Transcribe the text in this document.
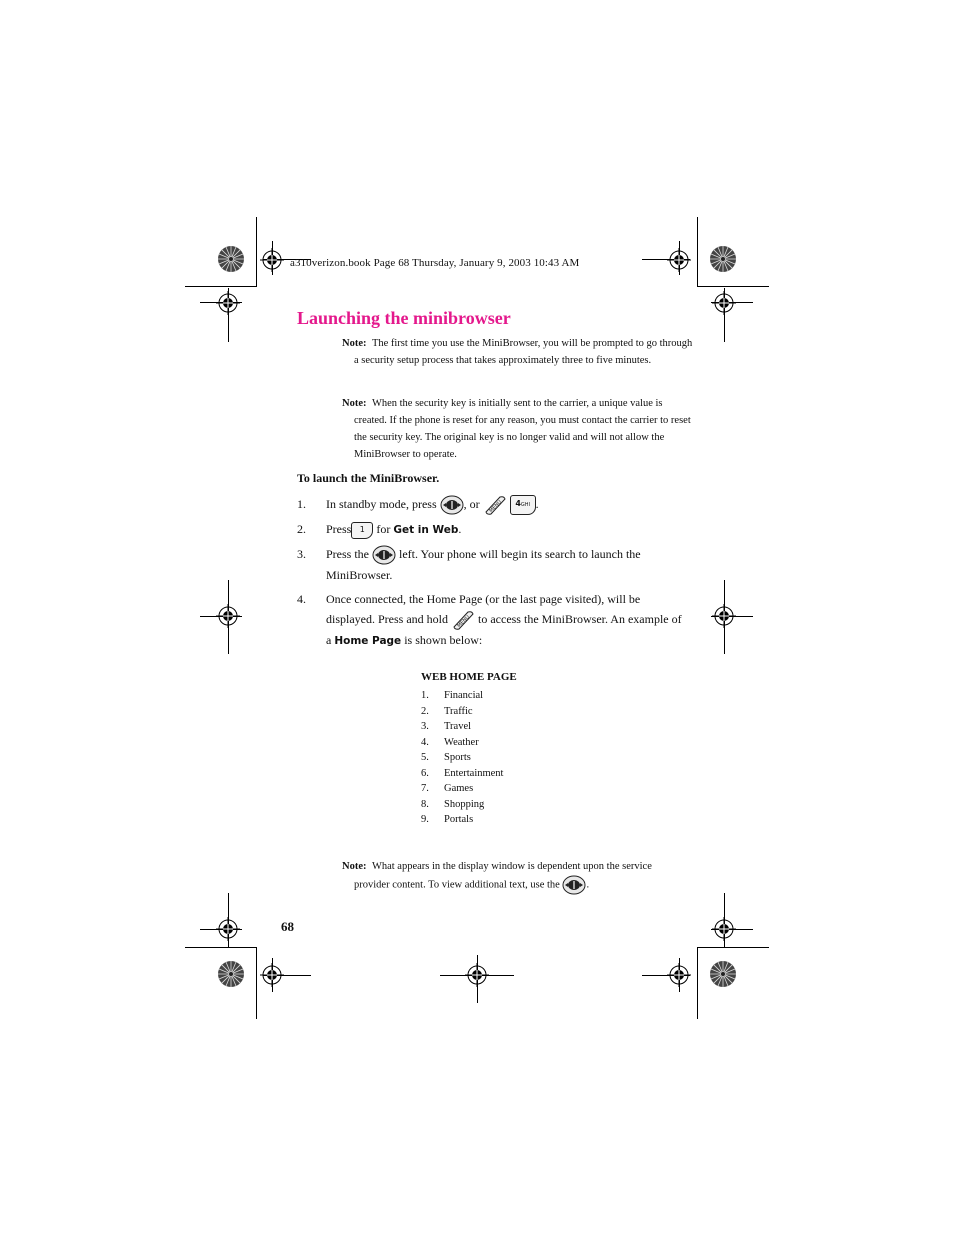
a310verizon.book Page 68 Thursday, January 9, 2003 10:43 AM
Launching the minibrowser
Note: The first time you use the MiniBrowser, you will be prompted to go through a security setup process that takes approximately three to five minutes.
Note: When the security key is initially sent to the carrier, a unique value is created. If the phone is reset for any reason, you must contact the carrier to reset the security key. The original key is no longer valid and will not allow the MiniBrowser to operate.
To launch the MiniBrowser.
1. In standby mode, press , or	4GHI .
2. Press 1 for Get in Web.
3. Press the	left. Your phone will begin its search to launch the MiniBrowser.
4. Once connected, the Home Page (or the last page visited), will be displayed. Press and hold	to access the MiniBrowser. An example of a Home Page is shown below:
WEB HOME PAGE
1. Financial
2. Traffic
3. Travel
4. Weather
5. Sports
6. Entertainment
7. Games
8. Shopping
9. Portals
Note: What appears in the display window is dependent upon the service provider content. To view additional text, use the	.
68
